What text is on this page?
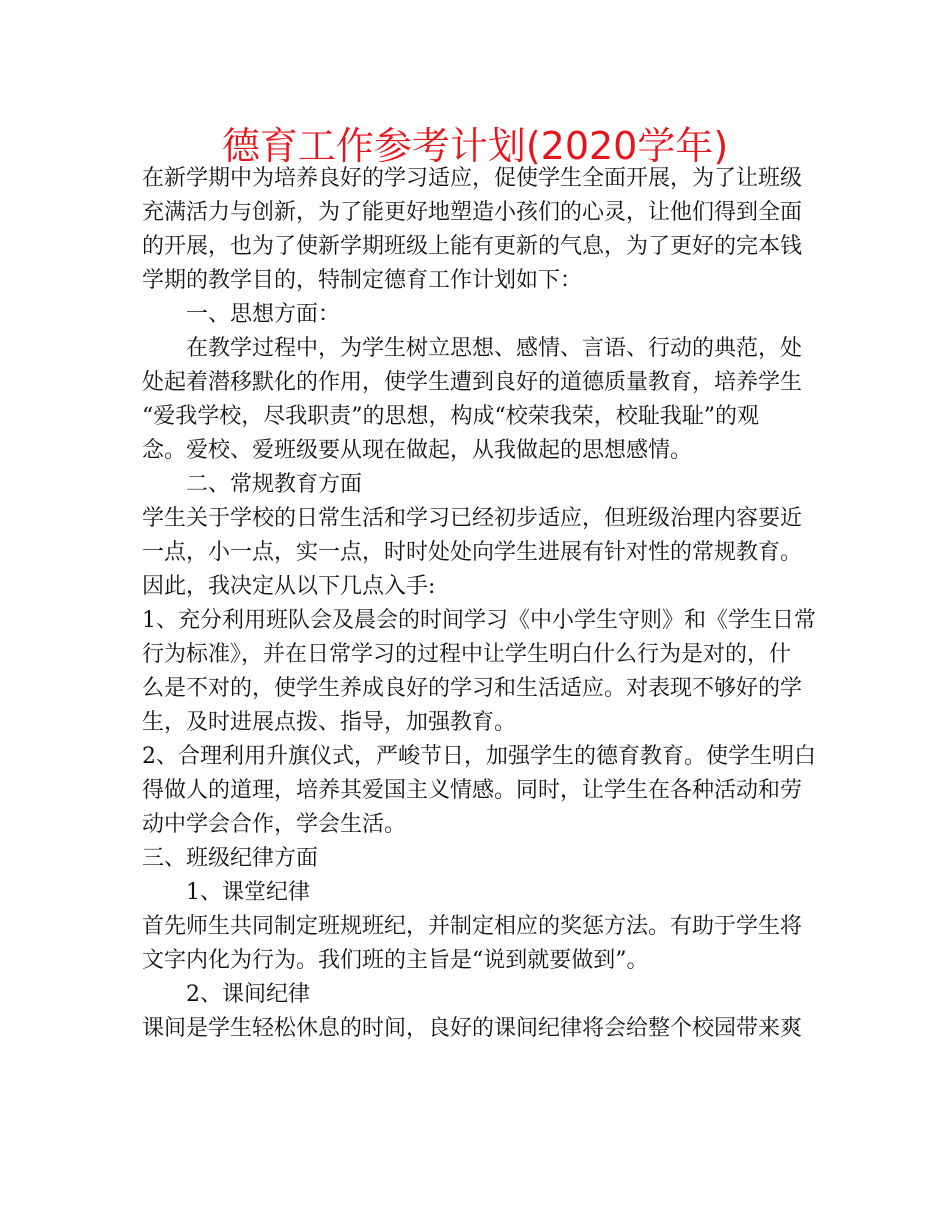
德育工作参考计划(2020学年)
在新学期中为培养良好的学习适应，促使学生全面开展，为了让班级
充满活力与创新，为了能更好地塑造小孩们的心灵，让他们得到全面
的开展，也为了使新学期班级上能有更新的气息，为了更好的完本钱
学期的教学目的，特制定德育工作计划如下：
一、思想方面：
在教学过程中，为学生树立思想、感情、言语、行动的典范，处
处起着潜移默化的作用，使学生遭到良好的道德质量教育，培养学生
“爱我学校，尽我职责”的思想，构成“校荣我荣，校耻我耻”的观
念。爱校、爱班级要从现在做起，从我做起的思想感情。
二、常规教育方面
学生关于学校的日常生活和学习已经初步适应，但班级治理内容要近
一点，小一点，实一点，时时处处向学生进展有针对性的常规教育。
因此，我决定从以下几点入手:
1、充分利用班队会及晨会的时间学习《中小学生守则》和《学生日常
行为标准》，并在日常学习的过程中让学生明白什么行为是对的，什
么是不对的，使学生养成良好的学习和生活适应。对表现不够好的学
生，及时进展点拨、指导，加强教育。
2、合理利用升旗仪式，严峻节日，加强学生的德育教育。使学生明白
得做人的道理，培养其爱国主义情感。同时，让学生在各种活动和劳
动中学会合作，学会生活。
三、班级纪律方面
1、课堂纪律
首先师生共同制定班规班纪，并制定相应的奖惩方法。有助于学生将
文字内化为行为。我们班的主旨是“说到就要做到”。
2、课间纪律
课间是学生轻松休息的时间，良好的课间纪律将会给整个校园带来爽
